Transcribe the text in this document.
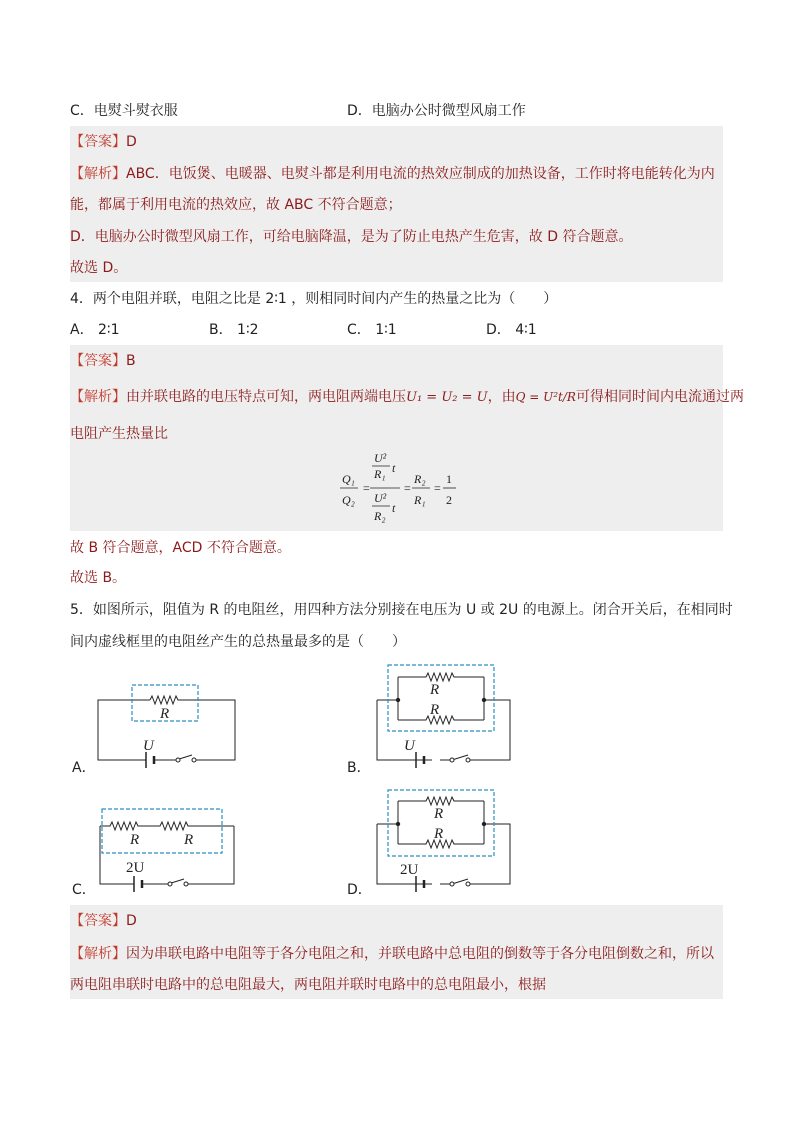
C．电熨斗熨衣服	D．电脑办公时微型风扇工作
【答案】D
【解析】ABC．电饭煲、电暖器、电熨斗都是利用电流的热效应制成的加热设备，工作时将电能转化为内
能，都属于利用电流的热效应，故 ABC 不符合题意；
D．电脑办公时微型风扇工作，可给电脑降温，是为了防止电热产生危害，故 D 符合题意。
故选 D。
4．两个电阻并联，电阻之比是 2∶1 ，则相同时间内产生的热量之比为（　　）
A． 2∶1	B． 1∶2	C． 1∶1	D． 4∶1
【答案】B
【解析】由并联电路的电压特点可知，两电阻两端电压U₁ = U₂ = U，由Q = U²t/R可得相同时间内电流通过两
电阻产生热量比
Q₁
Q₂
=
U²
R₁ t
U²
R₂
t
=
R₂
R₁
=
1
2
故 B 符合题意，ACD 不符合题意。
故选 B。
5．如图所示，阻值为 R 的电阻丝，用四种方法分别接在电压为 U 或 2U 的电源上。闭合开关后，在相同时
间内虚线框里的电阻丝产生的总热量最多的是（　　）
R
U
A．
R
R
U
B．
R	R
2U
C．
R
R
2U
D．
【答案】D
【解析】因为串联电路中电阻等于各分电阻之和，并联电路中总电阻的倒数等于各分电阻倒数之和，所以
两电阻串联时电路中的总电阻最大，两电阻并联时电路中的总电阻最小，根据
